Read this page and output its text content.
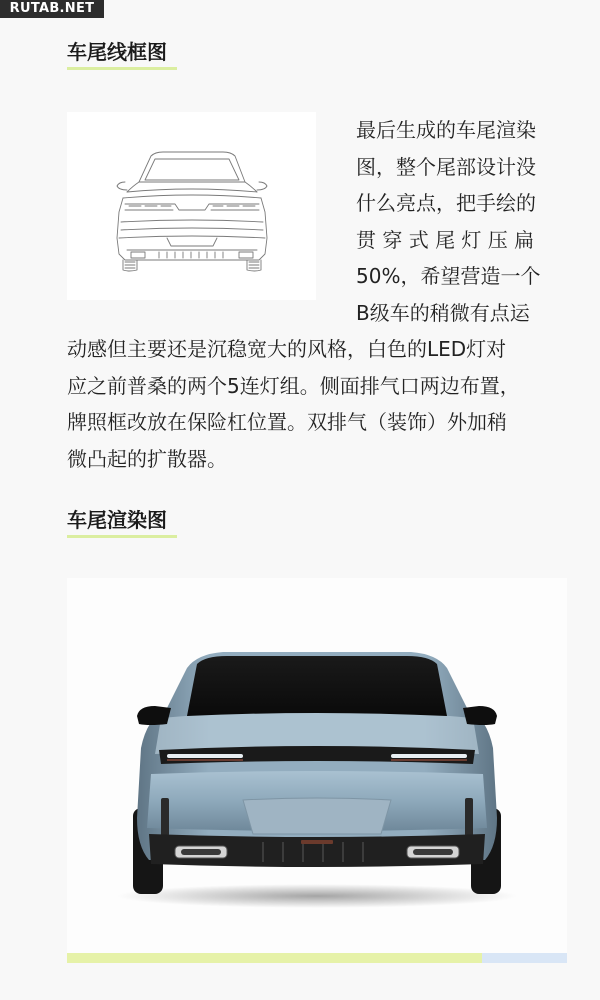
RUTAB.NET
车尾线框图
最后生成的车尾渲染
图，整个尾部设计没
什么亮点，把手绘的
贯 穿 式 尾 灯 压 扁
50%，希望营造一个
B级车的稍微有点运
动感但主要还是沉稳宽大的风格，白色的LED灯对
应之前普桑的两个5连灯组。侧面排气口两边布置，
牌照框改放在保险杠位置。双排气（装饰）外加稍
微凸起的扩散器。
车尾渲染图
